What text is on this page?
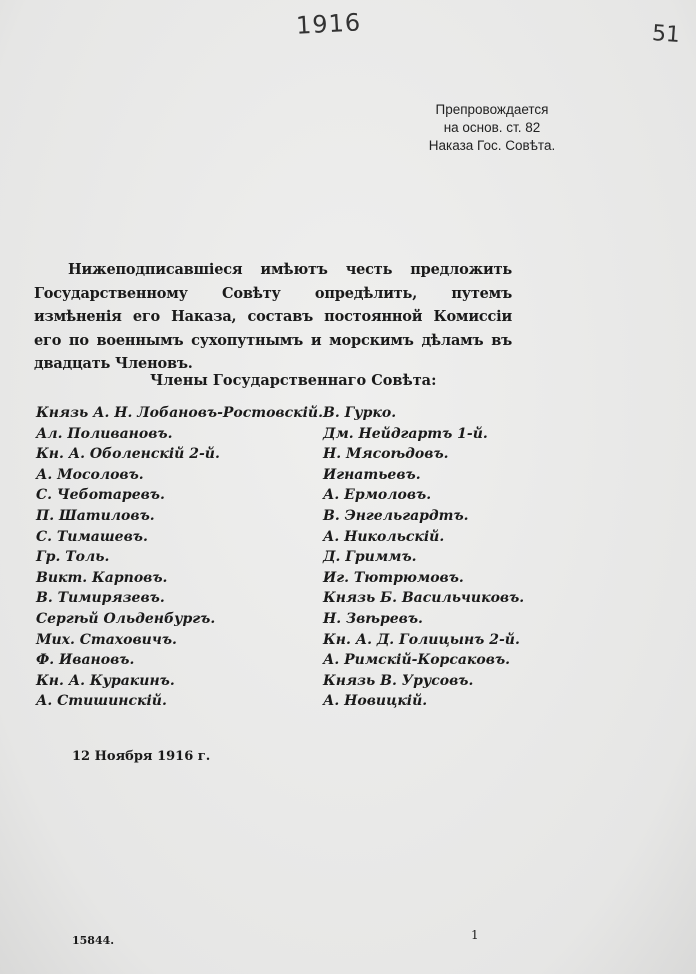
1916	51
Препровождается
на основ. ст. 82
Наказа Гос. Совѣта.
Нижеподписавшіеся имѣютъ честь предложить Государственному Совѣту опредѣлить, путемъ измѣненія его Наказа, составъ постоянной Комиссіи его по военнымъ сухопутнымъ и морскимъ дѣламъ въ двадцать Членовъ.
Члены Государственнаго Совѣта:
Князь А. Н. Лобановъ-Ростовскій.
Ал. Поливановъ.
Кн. А. Оболенскій 2-й.
А. Мосоловъ.
С. Чеботаревъ.
П. Шатиловъ.
С. Тимашевъ.
Гр. Толь.
Викт. Карповъ.
В. Тимирязевъ.
Сергѣй Ольденбургъ.
Мих. Стаховичъ.
Ф. Ивановъ.
Кн. А. Куракинъ.
А. Стишинскій.
В. Гурко.
Дм. Нейдгартъ 1-й.
Н. Мясоѣдовъ.
Игнатьевъ.
А. Ермоловъ.
В. Энгельгардтъ.
А. Никольскій.
Д. Гриммъ.
Иг. Тютрюмовъ.
Князь Б. Васильчиковъ.
Н. Звѣревъ.
Кн. А. Д. Голицынъ 2-й.
А. Римскій-Корсаковъ.
Князь В. Урусовъ.
А. Новицкій.
12 Ноября 1916 г.
15844.	1
